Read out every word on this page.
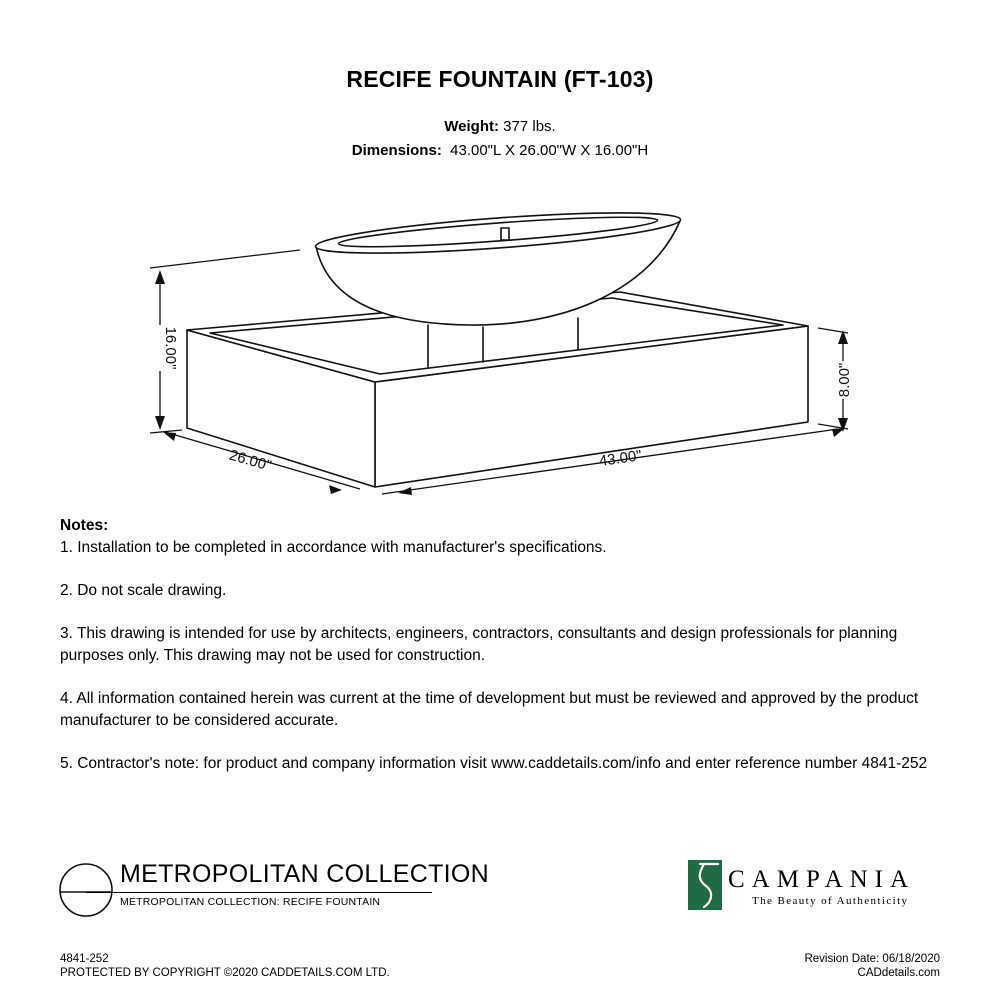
RECIFE FOUNTAIN (FT-103)
Weight: 377 lbs.
Dimensions:  43.00"L X 26.00"W X 16.00"H
16.00"
8.00"
26.00"	43.00"
Notes:

1. Installation to be completed in accordance with manufacturer's specifications.

2. Do not scale drawing.

3. This drawing is intended for use by architects, engineers, contractors, consultants and design professionals for planning purposes only. This drawing may not be used for construction.

4. All information contained herein was current at the time of development but must be reviewed and approved by the product manufacturer to be considered accurate.

5. Contractor's note: for product and company information visit www.caddetails.com/info and enter reference number 4841-252

METROPOLITAN COLLECTION
METROPOLITAN COLLECTION: RECIFE FOUNTAIN
CAMPANIA
The Beauty of Authenticity
4841-252
PROTECTED BY COPYRIGHT ©2020 CADDETAILS.COM LTD.
Revision Date: 06/18/2020
CADdetails.com
